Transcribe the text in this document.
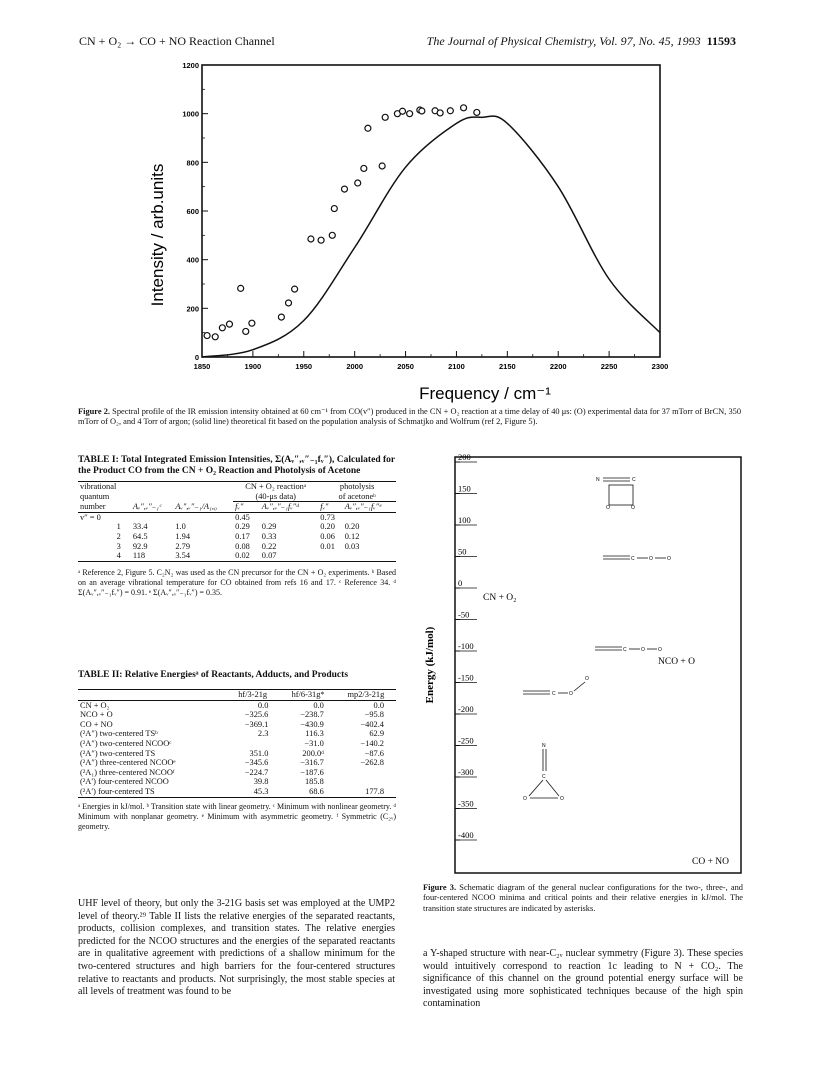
CN + O₂ → CO + NO Reaction Channel	The Journal of Physical Chemistry, Vol. 97, No. 45, 1993 11593
1850	1900	1950	2000	2050	2100	2150	2200	2250	2300
0
200
400
600
800
1000
1200
Frequency / cm⁻¹
Intensity / arb.units
Figure 2. Spectral profile of the IR emission intensity obtained at 60 cm⁻¹ from CO(v″) produced in the CN + O₂ reaction at a time delay of 40 μs: (O) experimental data for 37 mTorr of BrCN, 350 mTorr of O₂, and 4 Torr of argon; (solid line) theoretical fit based on the population analysis of Schmatjko and Wolfrum (ref 2, Figure 5).
TABLE I: Total Integrated Emission Intensities, Σ(Aᵥ″,ᵥ″₋₁fᵥ″), Calculated for the Product CO from the CN + O₂ Reaction and Photolysis of Acetone
vibrational			CN + O₂ reactionᵃ		photolysis	
quantum			(40-μs data)		of acetoneᵇ	
number	Aᵥ″,ᵥ″₋₁ᶜ	Aᵥ″,ᵥ″₋₁/A₁,₀	fᵥ″	Aᵥ″,ᵥ″₋₁fᵥ″ᵈ	fᵥ″	Aᵥ″,ᵥ″₋₁fᵥ″ᵉ
v″ = 0			0.45		0.73	
1	33.4	1.0	0.29	0.29	0.20	0.20
2	64.5	1.94	0.17	0.33	0.06	0.12
3	92.9	2.79	0.08	0.22	0.01	0.03
4	118	3.54	0.02	0.07		
ᵃ Reference 2, Figure 5. C₂N₂ was used as the CN precursor for the CN + O₂ experiments. ᵇ Based on an average vibrational temperature for CO obtained from refs 16 and 17. ᶜ Reference 34. ᵈ Σ(Aᵥ″,ᵥ″₋₁fᵥ″) = 0.91. ᵉ Σ(Aᵥ″,ᵥ″₋₁fᵥ″) = 0.35.
TABLE II: Relative Energiesᵃ of Reactants, Adducts, and Products
	hf/3-21g	hf/6-31g*	mp2/3-21g
CN + O₂	0.0	0.0	0.0
NCO + O	−325.6	−238.7	−95.8
CO + NO	−369.1	−430.9	−402.4
(²A″) two-centered TSᵇ	2.3	116.3	62.9
(²A″) two-centered NCOOᶜ		−31.0	−140.2
(²A″) two-centered TS	351.0	200.0ᵈ	−87.6
(²A″) three-centered NCOOᵉ	−345.6	−316.7	−262.8
(²A₁) three-centered NCOOᶠ	−224.7	−187.6	
(²A′) four-centered NCOO	39.8	185.8	
(²A′) four-centered TS	45.3	68.6	177.8
ᵃ Energies in kJ/mol. ᵇ Transition state with linear geometry. ᶜ Minimum with nonlinear geometry. ᵈ Minimum with nonplanar geometry. ᵉ Minimum with asymmetric geometry. ᶠ Symmetric (C₂ᵥ) geometry.
UHF level of theory, but only the 3-21G basis set was employed at the UMP2 level of theory.²⁹ Table II lists the relative energies of the separated reactants, products, collision complexes, and transition states. The relative energies predicted for the NCOO structures and the energies of the separated reactants are in qualitative agreement with predictions of a shallow minimum for the two-centered structures and high barriers for the four-centered structures relative to reactants and products. Not surprisingly, the most stable species at all levels of treatment was found to be
200
150
100
50
0
-50
-100
-150
-200
-250
-300
-350
-400
Energy (kJ/mol)
CN + O₂
NCO + O
CO + NO
N	C
O	O
C	O	O
C	O	O
C	O
O
N
C
O	O
Figure 3. Schematic diagram of the general nuclear configurations for the two-, three-, and four-centered NCOO minima and critical points and their relative energies in kJ/mol. The transition state structures are indicated by asterisks.
a Y-shaped structure with near-C₂ᵥ nuclear symmetry (Figure 3). These species would intuitively correspond to reaction 1c leading to N + CO₂. The significance of this channel on the ground potential energy surface will be investigated using more sophisticated techniques because of the high spin contamination
